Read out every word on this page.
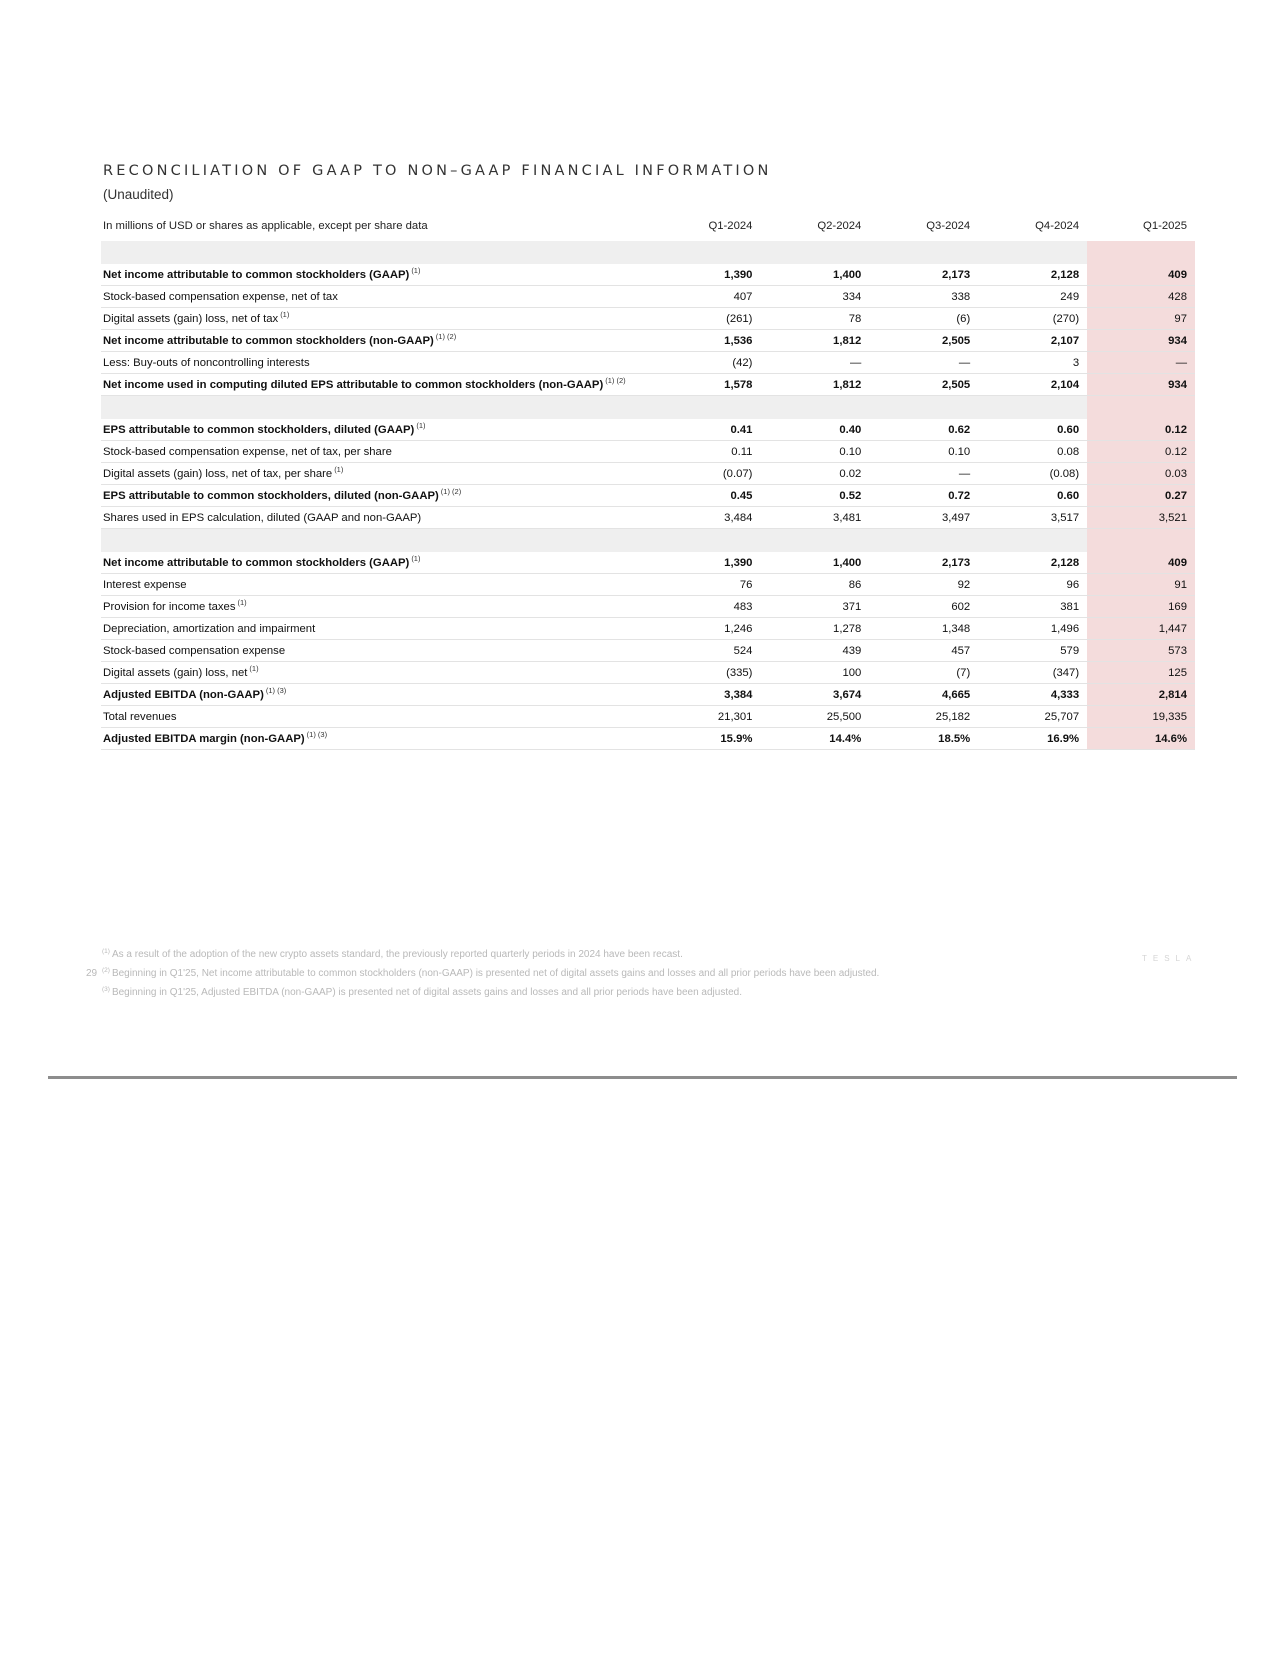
RECONCILIATION OF GAAP TO NON–GAAP FINANCIAL INFORMATION
(Unaudited)
In millions of USD or shares as applicable, except per share data	Q1-2024	Q2-2024	Q3-2024	Q4-2024	Q1-2025

Net income attributable to common stockholders (GAAP) $^{(1)}$	1,390	1,400	2,173	2,128	409
Stock-based compensation expense, net of tax	407	334	338	249	428
Digital assets (gain) loss, net of tax $^{(1)}$	(261)	78	(6)	(270)	97
Net income attributable to common stockholders (non-GAAP) $^{(1) (2)}$	1,536	1,812	2,505	2,107	934
Less: Buy-outs of noncontrolling interests	(42)	—	—	3	—
Net income used in computing diluted EPS attributable to common stockholders (non-GAAP) $^{(1) (2)}$	1,578	1,812	2,505	2,104	934

EPS attributable to common stockholders, diluted (GAAP) $^{(1)}$	0.41	0.40	0.62	0.60	0.12
Stock-based compensation expense, net of tax, per share	0.11	0.10	0.10	0.08	0.12
Digital assets (gain) loss, net of tax, per share $^{(1)}$	(0.07)	0.02	—	(0.08)	0.03
EPS attributable to common stockholders, diluted (non-GAAP) $^{(1) (2)}$	0.45	0.52	0.72	0.60	0.27
Shares used in EPS calculation, diluted (GAAP and non-GAAP)	3,484	3,481	3,497	3,517	3,521

Net income attributable to common stockholders (GAAP) $^{(1)}$	1,390	1,400	2,173	2,128	409
Interest expense	76	86	92	96	91
Provision for income taxes $^{(1)}$	483	371	602	381	169
Depreciation, amortization and impairment	1,246	1,278	1,348	1,496	1,447
Stock-based compensation expense	524	439	457	579	573
Digital assets (gain) loss, net $^{(1)}$	(335)	100	(7)	(347)	125
Adjusted EBITDA (non-GAAP) $^{(1) (3)}$	3,384	3,674	4,665	4,333	2,814
Total revenues	21,301	25,500	25,182	25,707	19,335
Adjusted EBITDA margin (non-GAAP) $^{(1) (3)}$	15.9%	14.4%	18.5%	16.9%	14.6%
29
$^{(1)}$ As a result of the adoption of the new crypto assets standard, the previously reported quarterly periods in 2024 have been recast.
$^{(2)}$ Beginning in Q1'25, Net income attributable to common stockholders (non-GAAP) is presented net of digital assets gains and losses and all prior periods have been adjusted.
$^{(3)}$ Beginning in Q1'25, Adjusted EBITDA (non-GAAP) is presented net of digital assets gains and losses and all prior periods have been adjusted.
TESLA
